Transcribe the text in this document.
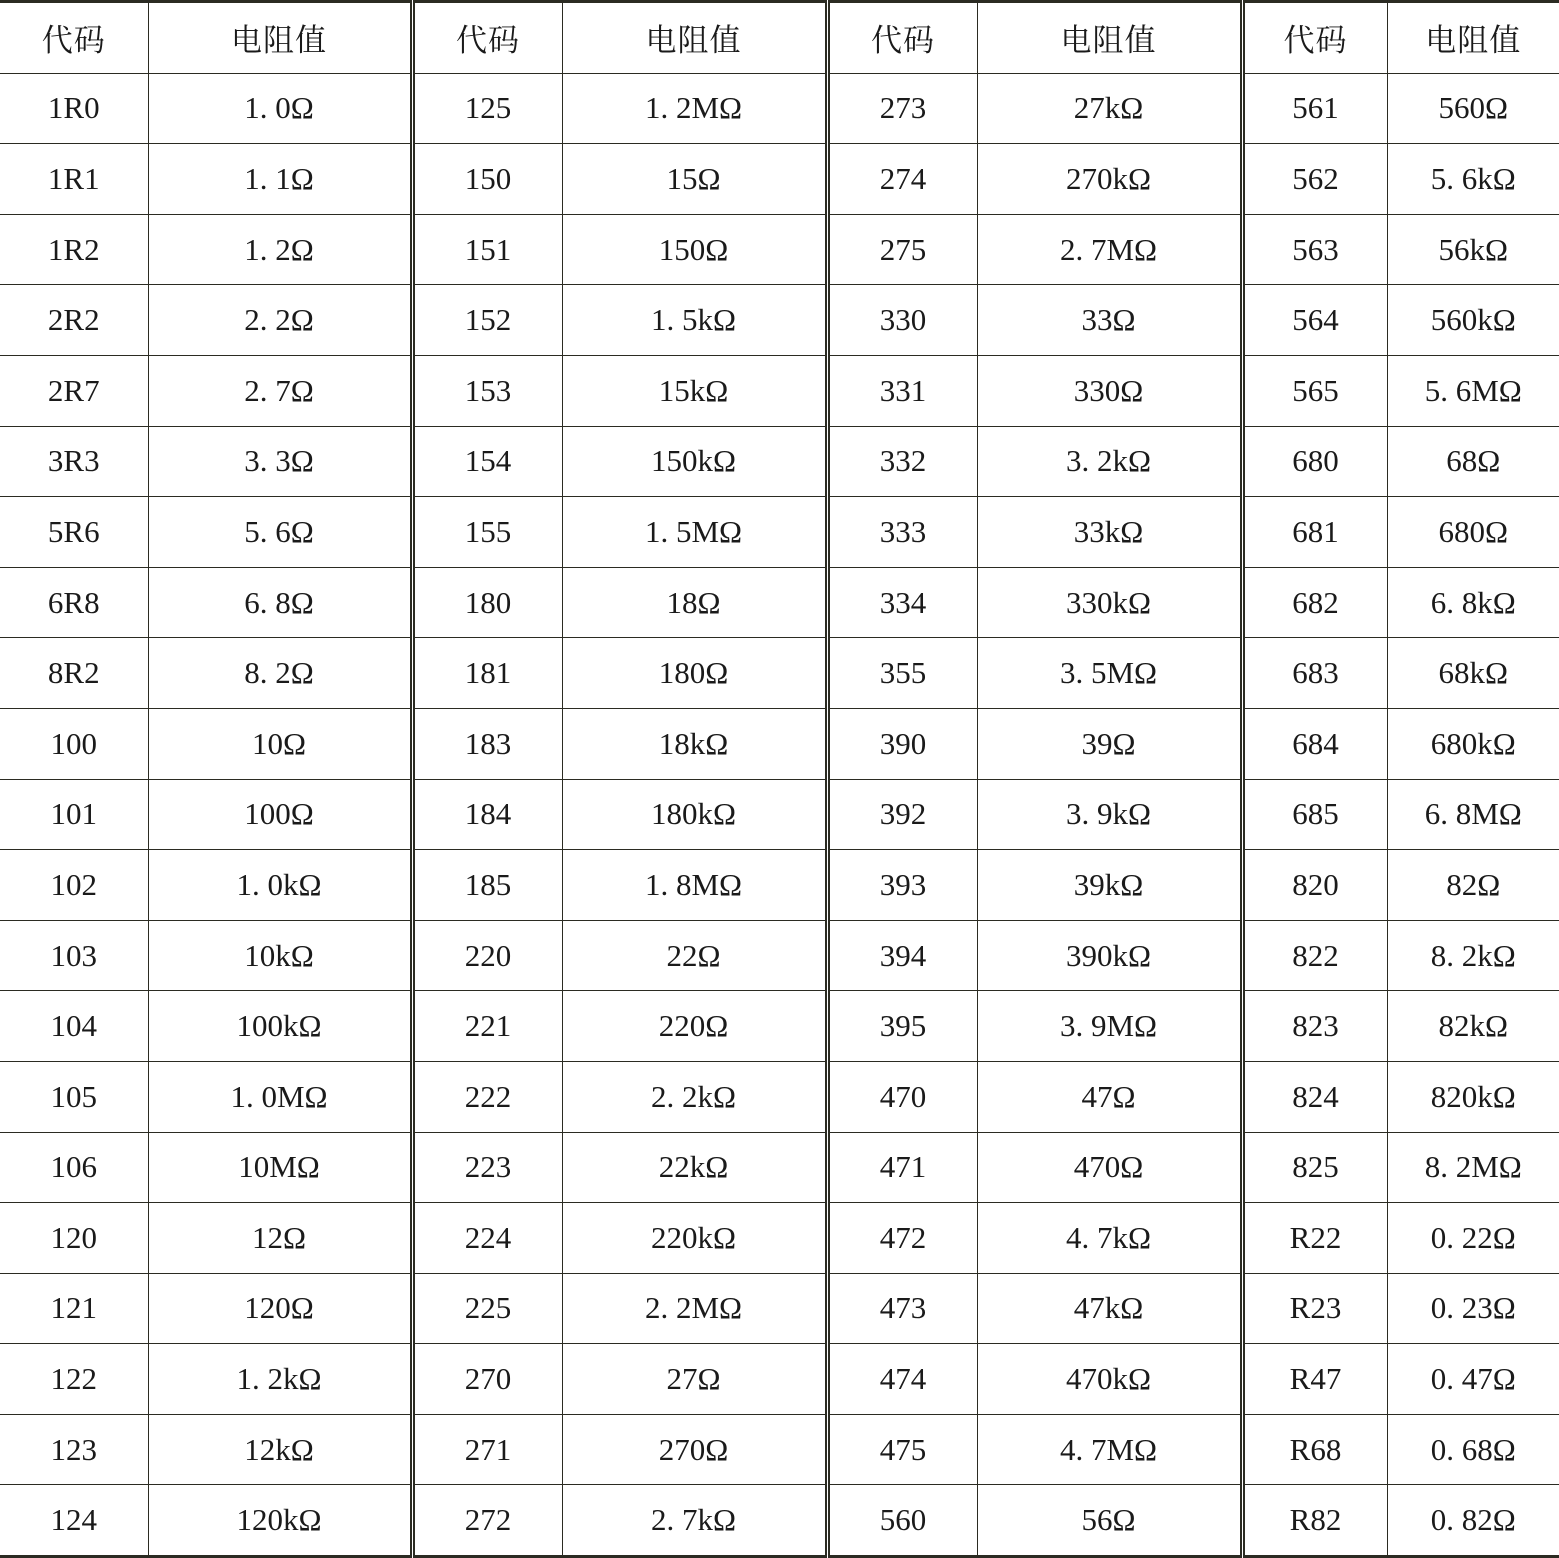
代码	电阻值	代码	电阻值	代码	电阻值	代码	电阻值
1R0	1. 0Ω	125	1. 2MΩ	273	27kΩ	561	560Ω
1R1	1. 1Ω	150	15Ω	274	270kΩ	562	5. 6kΩ
1R2	1. 2Ω	151	150Ω	275	2. 7MΩ	563	56kΩ
2R2	2. 2Ω	152	1. 5kΩ	330	33Ω	564	560kΩ
2R7	2. 7Ω	153	15kΩ	331	330Ω	565	5. 6MΩ
3R3	3. 3Ω	154	150kΩ	332	3. 2kΩ	680	68Ω
5R6	5. 6Ω	155	1. 5MΩ	333	33kΩ	681	680Ω
6R8	6. 8Ω	180	18Ω	334	330kΩ	682	6. 8kΩ
8R2	8. 2Ω	181	180Ω	355	3. 5MΩ	683	68kΩ
100	10Ω	183	18kΩ	390	39Ω	684	680kΩ
101	100Ω	184	180kΩ	392	3. 9kΩ	685	6. 8MΩ
102	1. 0kΩ	185	1. 8MΩ	393	39kΩ	820	82Ω
103	10kΩ	220	22Ω	394	390kΩ	822	8. 2kΩ
104	100kΩ	221	220Ω	395	3. 9MΩ	823	82kΩ
105	1. 0MΩ	222	2. 2kΩ	470	47Ω	824	820kΩ
106	10MΩ	223	22kΩ	471	470Ω	825	8. 2MΩ
120	12Ω	224	220kΩ	472	4. 7kΩ	R22	0. 22Ω
121	120Ω	225	2. 2MΩ	473	47kΩ	R23	0. 23Ω
122	1. 2kΩ	270	27Ω	474	470kΩ	R47	0. 47Ω
123	12kΩ	271	270Ω	475	4. 7MΩ	R68	0. 68Ω
124	120kΩ	272	2. 7kΩ	560	56Ω	R82	0. 82Ω
